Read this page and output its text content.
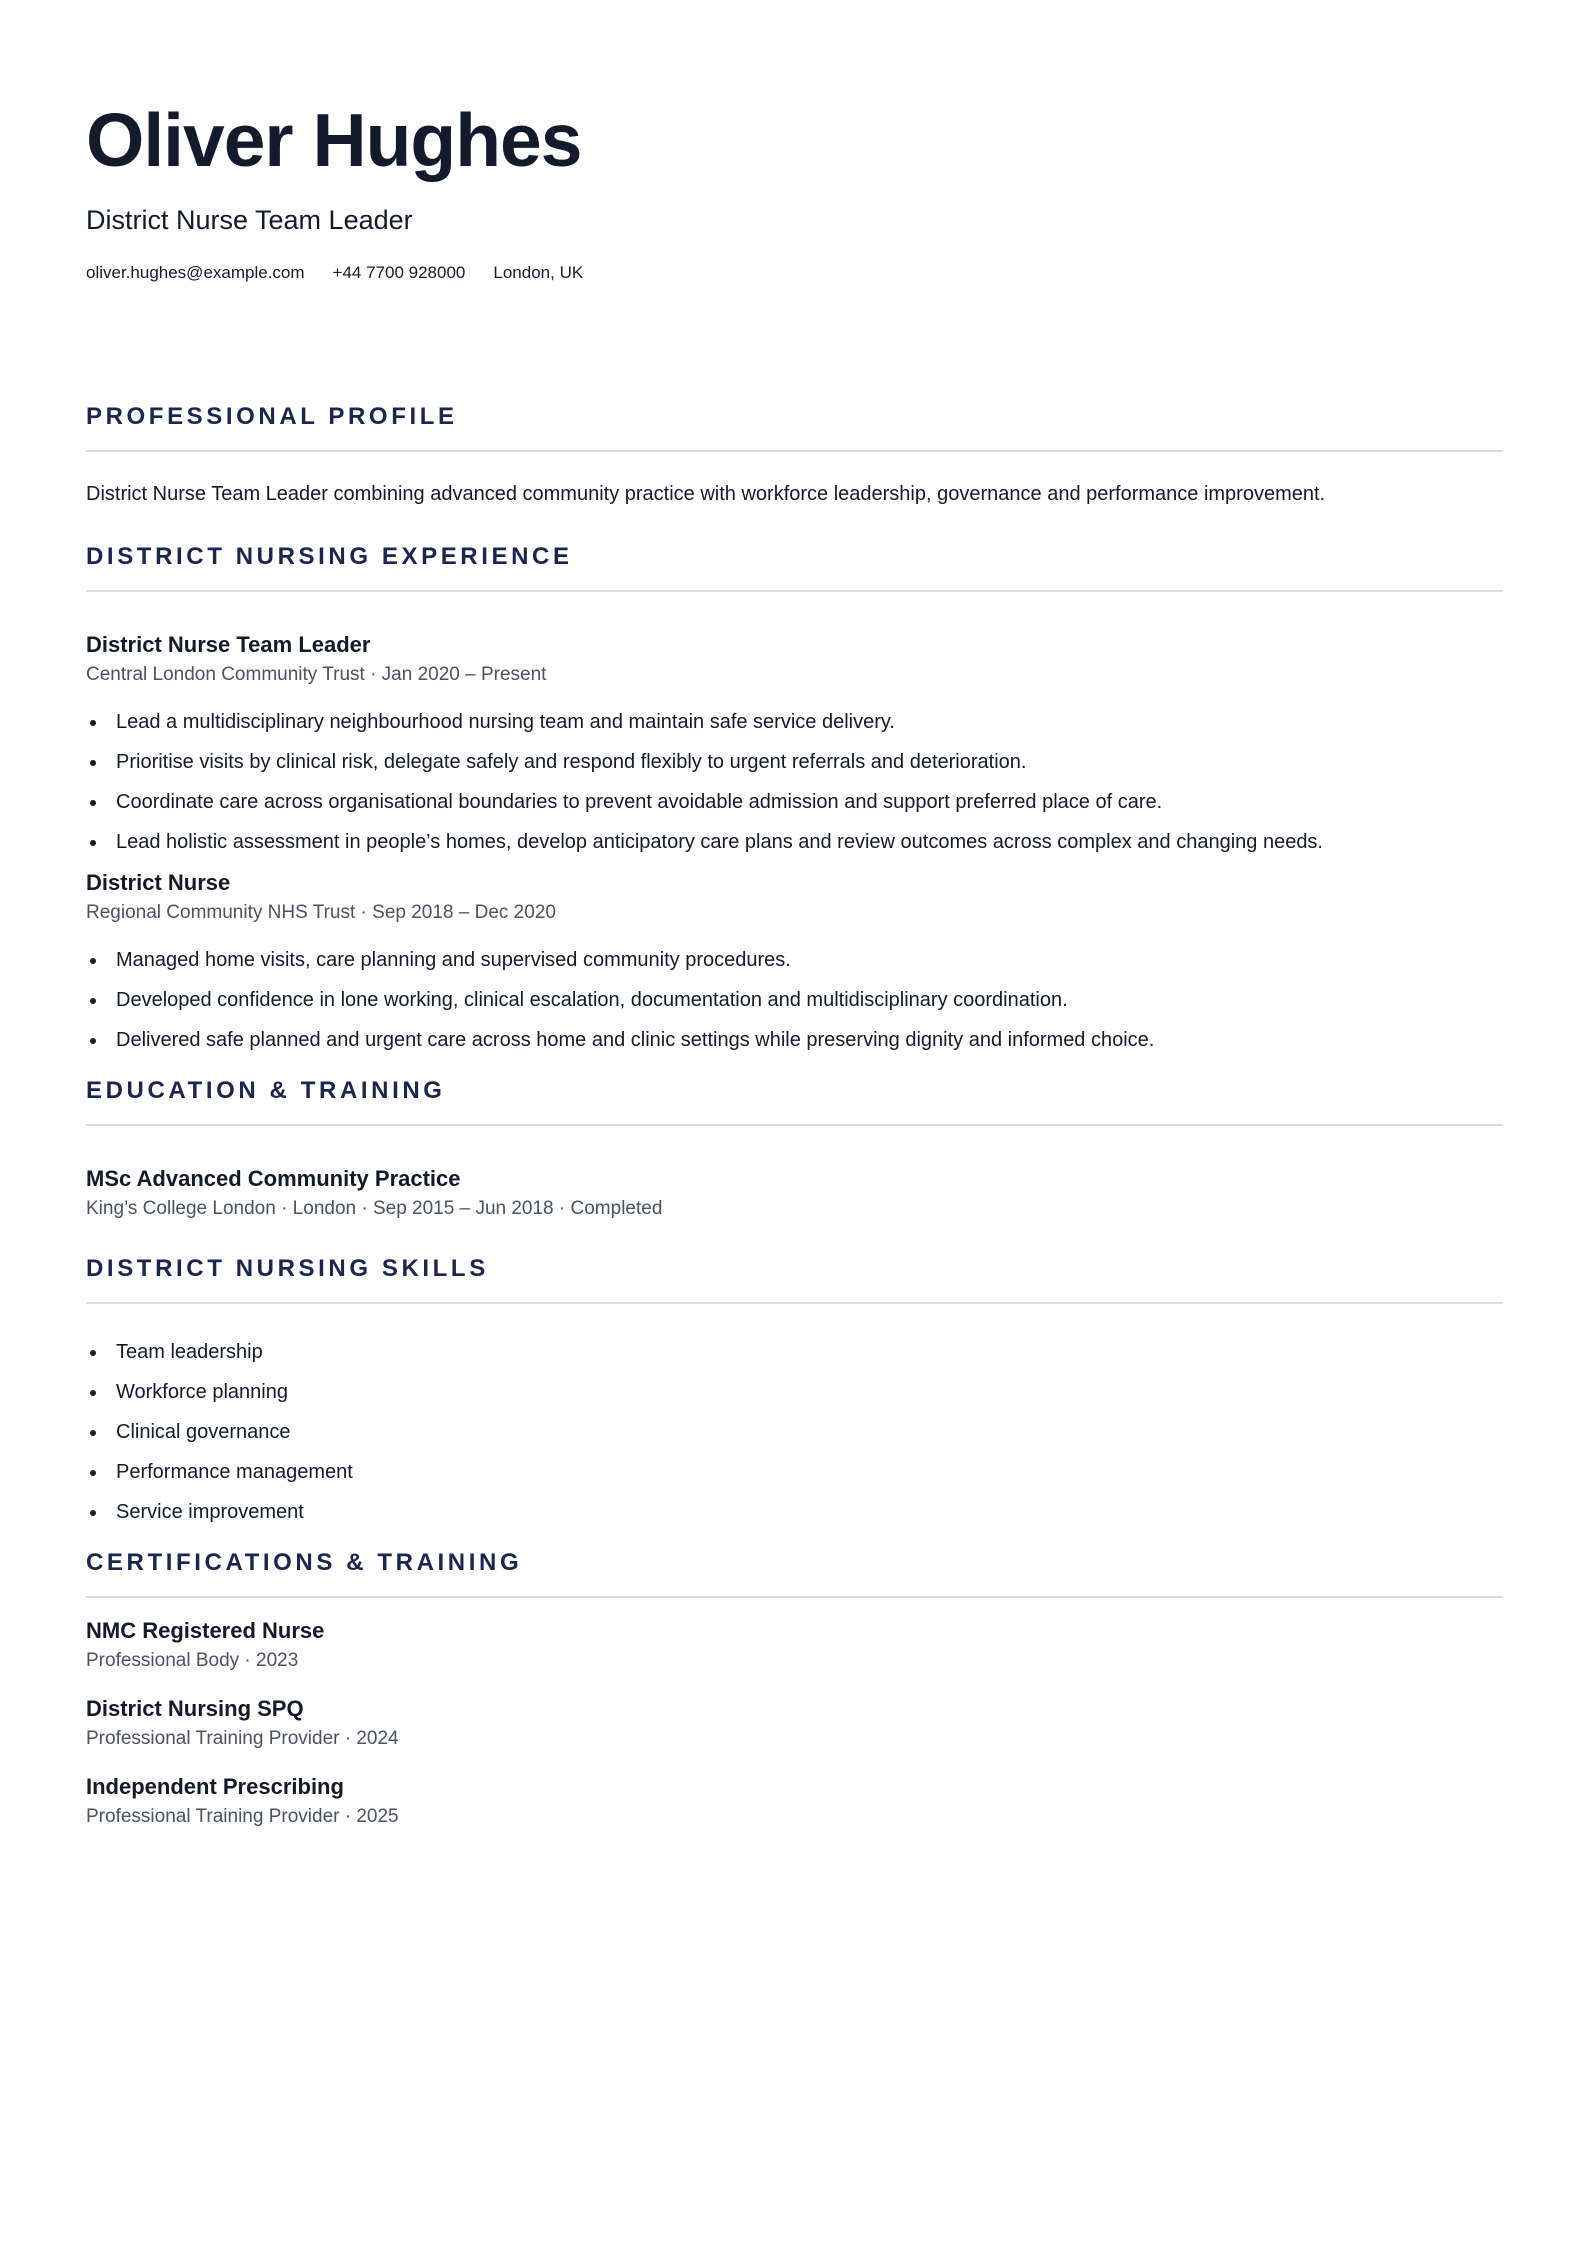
Oliver Hughes
District Nurse Team Leader
oliver.hughes@example.com +44 7700 928000 London, UK
PROFESSIONAL PROFILE
District Nurse Team Leader combining advanced community practice with workforce leadership, governance and performance improvement.
DISTRICT NURSING EXPERIENCE
District Nurse Team Leader
Central London Community Trust · Jan 2020 – Present
Lead a multidisciplinary neighbourhood nursing team and maintain safe service delivery.
Prioritise visits by clinical risk, delegate safely and respond flexibly to urgent referrals and deterioration.
Coordinate care across organisational boundaries to prevent avoidable admission and support preferred place of care.
Lead holistic assessment in people’s homes, develop anticipatory care plans and review outcomes across complex and changing needs.
District Nurse
Regional Community NHS Trust · Sep 2018 – Dec 2020
Managed home visits, care planning and supervised community procedures.
Developed confidence in lone working, clinical escalation, documentation and multidisciplinary coordination.
Delivered safe planned and urgent care across home and clinic settings while preserving dignity and informed choice.
EDUCATION & TRAINING
MSc Advanced Community Practice
King’s College London · London · Sep 2015 – Jun 2018 · Completed
DISTRICT NURSING SKILLS
Team leadership
Workforce planning
Clinical governance
Performance management
Service improvement
CERTIFICATIONS & TRAINING
NMC Registered Nurse
Professional Body · 2023
District Nursing SPQ
Professional Training Provider · 2024
Independent Prescribing
Professional Training Provider · 2025
